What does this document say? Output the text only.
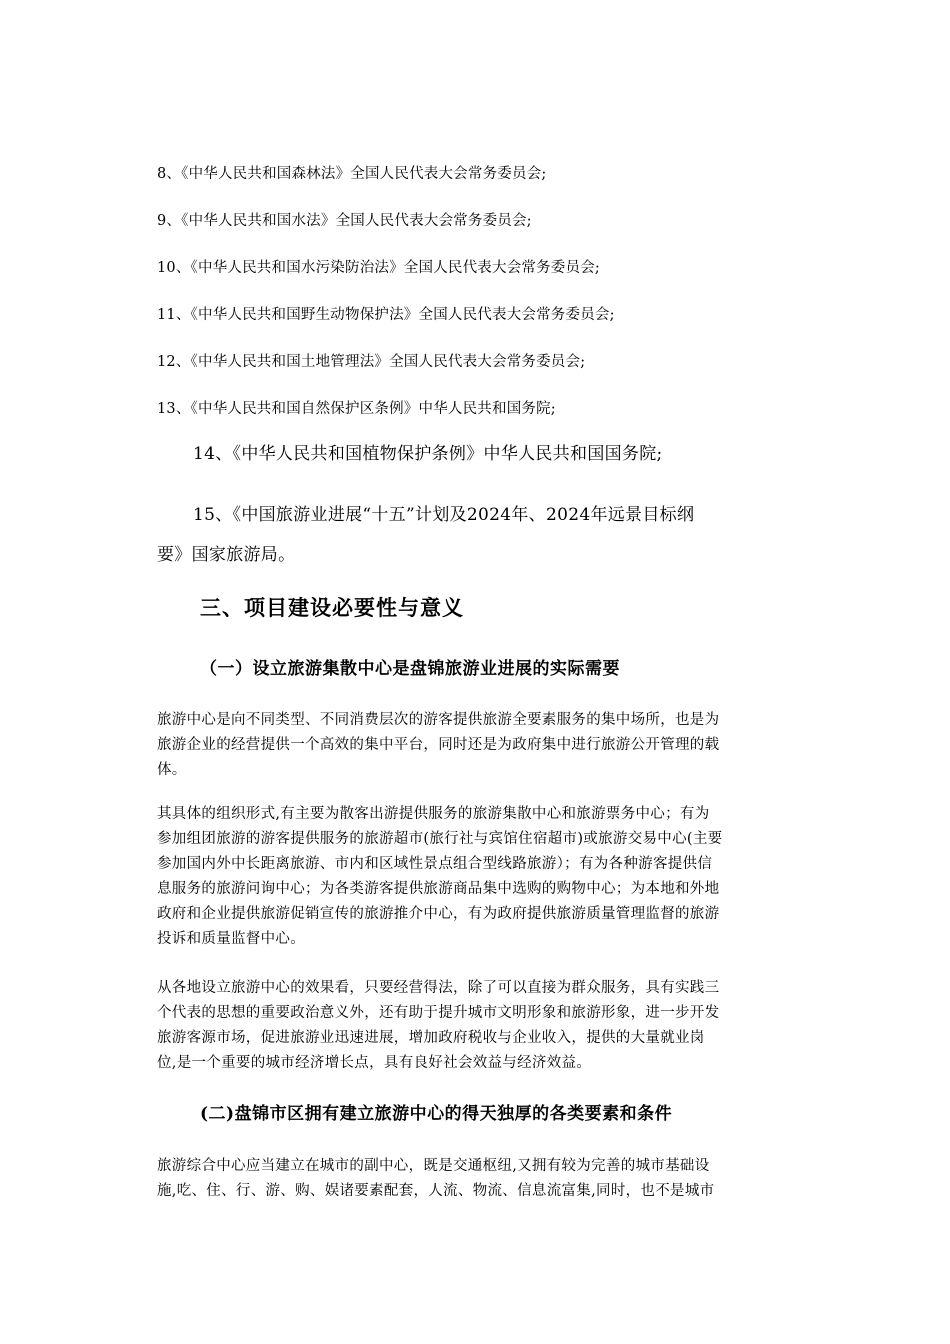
8、《中华人民共和国森林法》全国人民代表大会常务委员会;
9、《中华人民共和国水法》全国人民代表大会常务委员会;
10、《中华人民共和国水污染防治法》全国人民代表大会常务委员会;
11、《中华人民共和国野生动物保护法》全国人民代表大会常务委员会;
12、《中华人民共和国土地管理法》全国人民代表大会常务委员会;
13、《中华人民共和国自然保护区条例》中华人民共和国务院;
14、《中华人民共和国植物保护条例》中华人民共和国国务院;
15、《中国旅游业进展“十五”计划及2024年、2024年远景目标纲
要》国家旅游局。
三、项目建设必要性与意义
（一）设立旅游集散中心是盘锦旅游业进展的实际需要
旅游中心是向不同类型、不同消费层次的游客提供旅游全要素服务的集中场所，也是为
旅游企业的经营提供一个高效的集中平台，同时还是为政府集中进行旅游公开管理的载
体。
其具体的组织形式,有主要为散客出游提供服务的旅游集散中心和旅游票务中心；有为
参加组团旅游的游客提供服务的旅游超市(旅行社与宾馆住宿超市)或旅游交易中心(主要
参加国内外中长距离旅游、市内和区域性景点组合型线路旅游）；有为各种游客提供信
息服务的旅游问询中心；为各类游客提供旅游商品集中选购的购物中心；为本地和外地
政府和企业提供旅游促销宣传的旅游推介中心，有为政府提供旅游质量管理监督的旅游
投诉和质量监督中心。
从各地设立旅游中心的效果看，只要经营得法，除了可以直接为群众服务，具有实践三
个代表的思想的重要政治意义外，还有助于提升城市文明形象和旅游形象，进一步开发
旅游客源市场，促进旅游业迅速进展，增加政府税收与企业收入，提供的大量就业岗
位,是一个重要的城市经济增长点，具有良好社会效益与经济效益。
(二)盘锦市区拥有建立旅游中心的得天独厚的各类要素和条件
旅游综合中心应当建立在城市的副中心，既是交通枢纽,又拥有较为完善的城市基础设
施,吃、住、行、游、购、娱诸要素配套，人流、物流、信息流富集,同时，也不是城市
